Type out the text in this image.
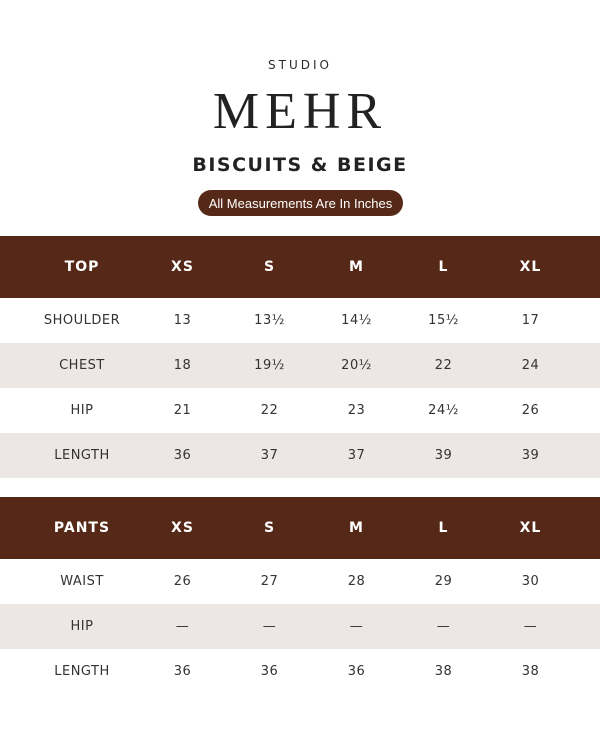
STUDIO
MEHR
BISCUITS & BEIGE
All Measurements Are In Inches
TOP	XS	S	M	L	XL
SHOULDER	13	13½	14½	15½	17
CHEST	18	19½	20½	22	24
HIP	21	22	23	24½	26
LENGTH	36	37	37	39	39
PANTS	XS	S	M	L	XL
WAIST	26	27	28	29	30
HIP	—	—	—	—	—
LENGTH	36	36	36	38	38
